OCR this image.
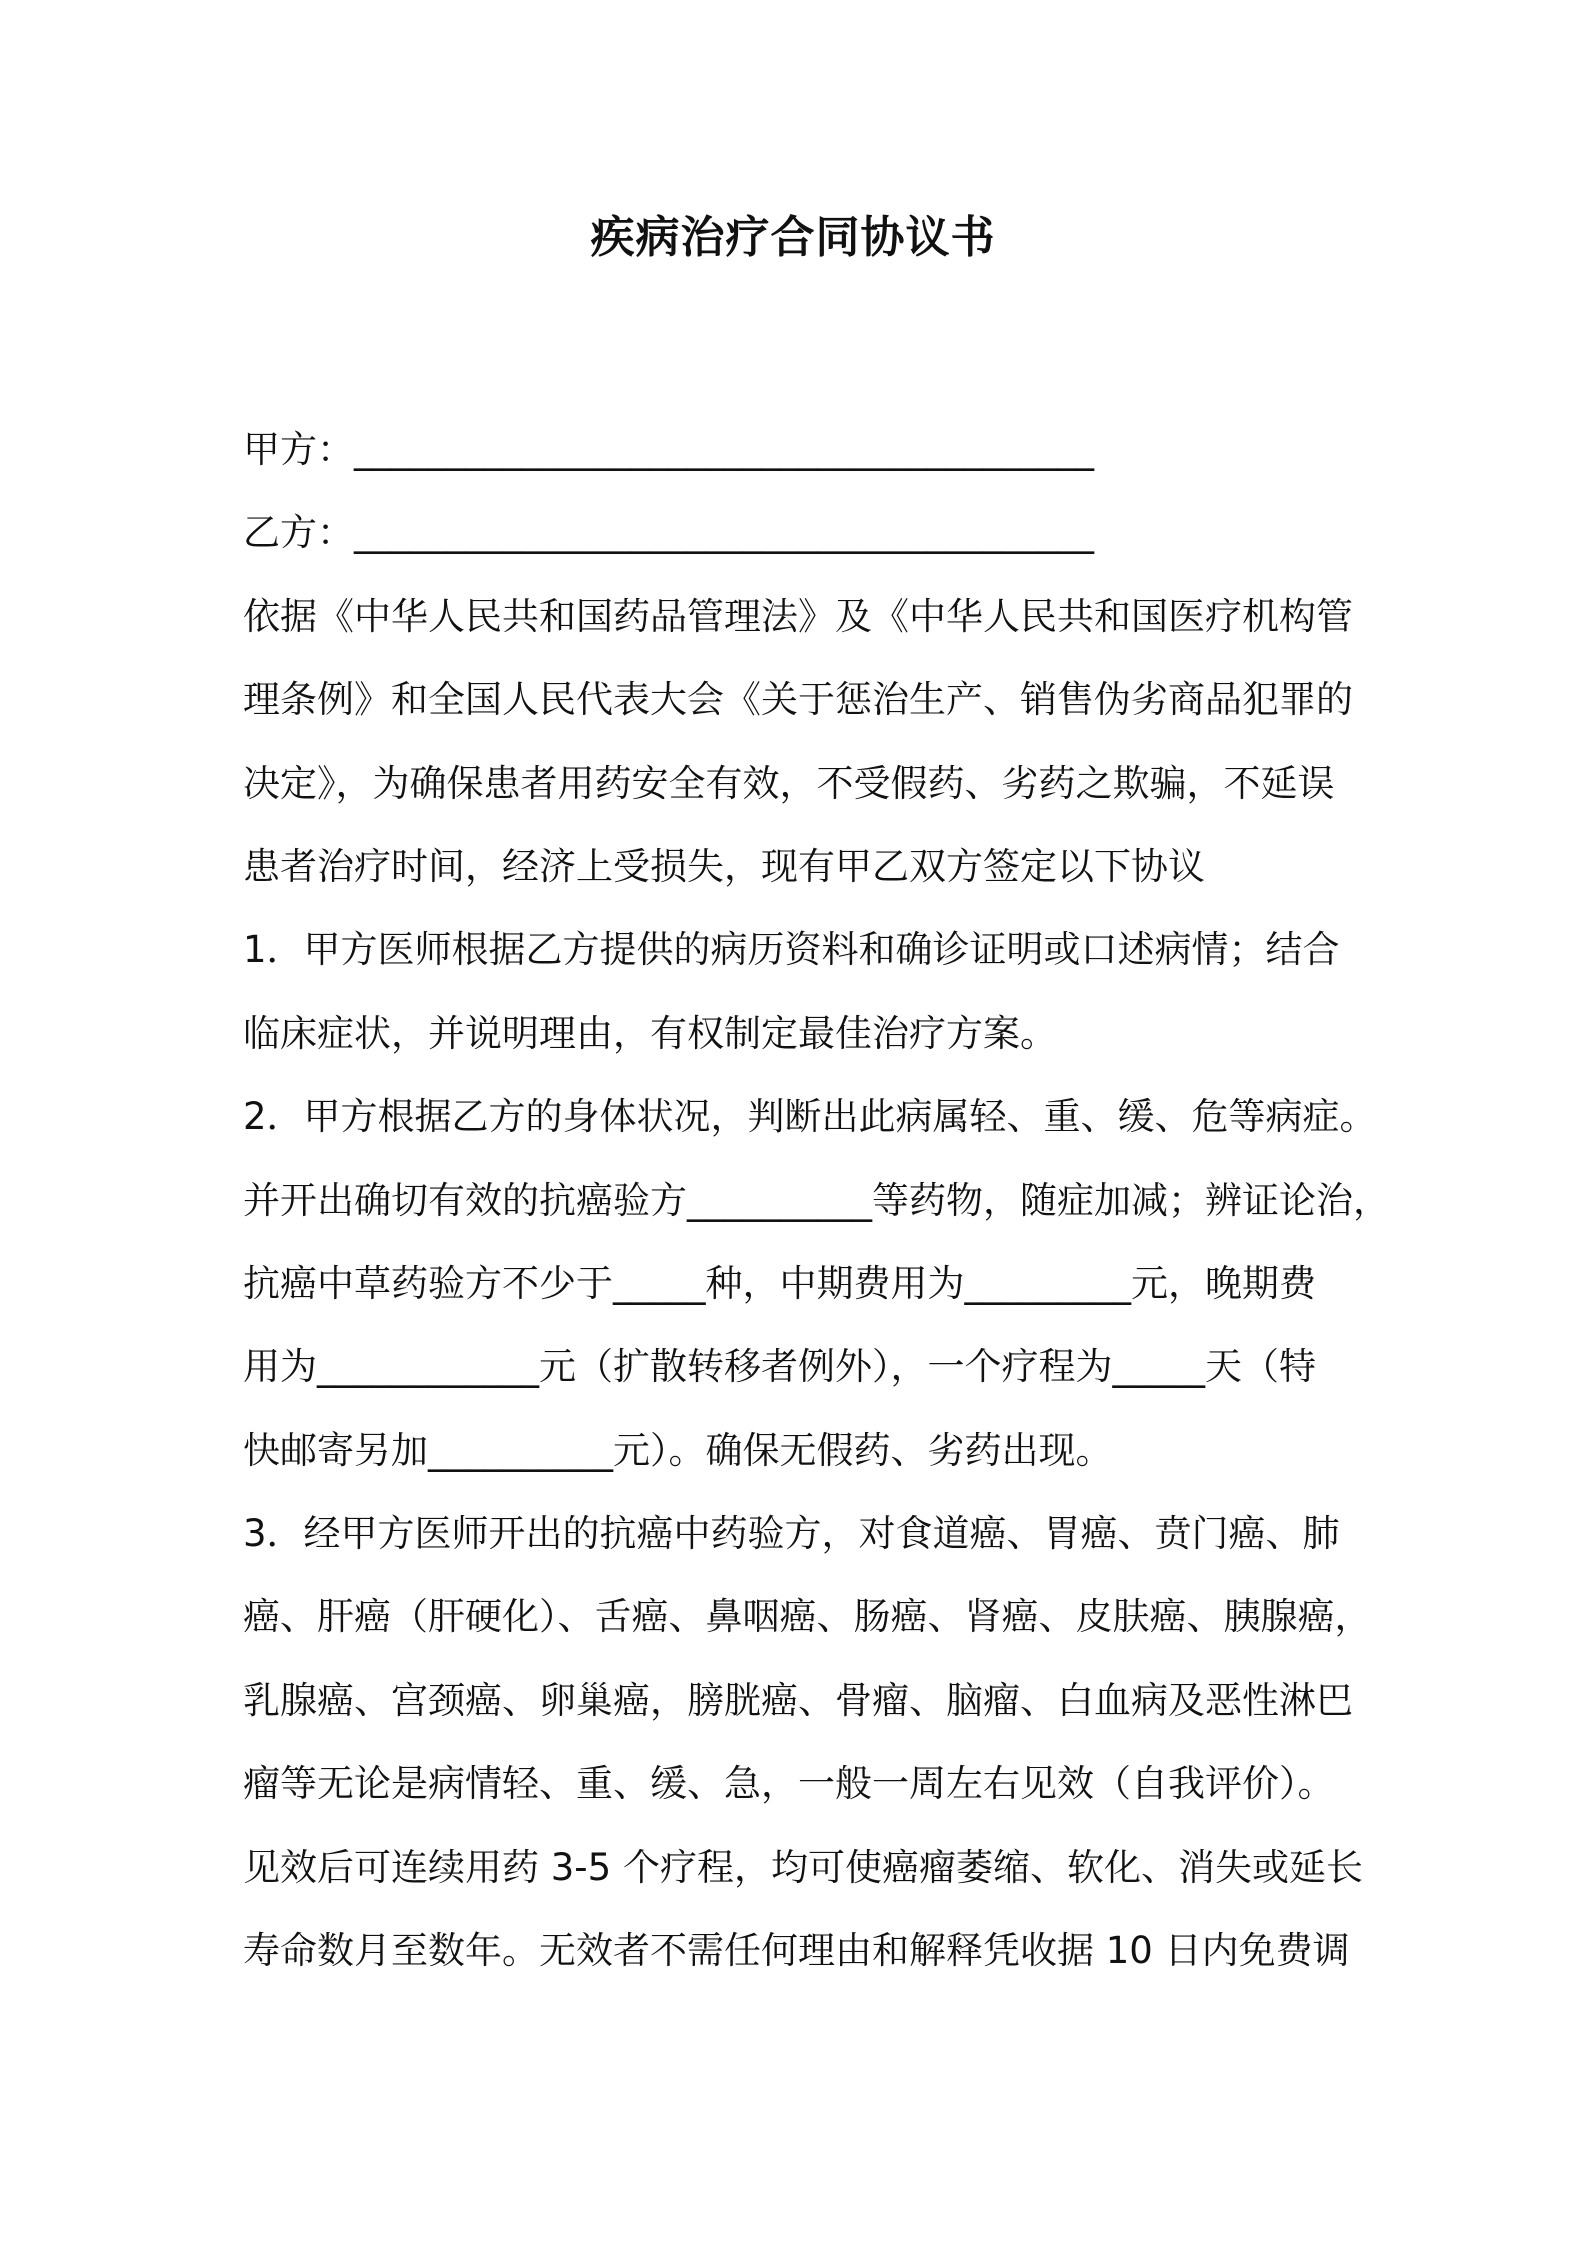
疾病治疗合同协议书
甲方：________________________________________
乙方：________________________________________
依据《中华人民共和国药品管理法》及《中华人民共和国医疗机构管
理条例》和全国人民代表大会《关于惩治生产、销售伪劣商品犯罪的
决定》，为确保患者用药安全有效，不受假药、劣药之欺骗，不延误
患者治疗时间，经济上受损失，现有甲乙双方签定以下协议
1．甲方医师根据乙方提供的病历资料和确诊证明或口述病情；结合
临床症状，并说明理由，有权制定最佳治疗方案。
2．甲方根据乙方的身体状况，判断出此病属轻、重、缓、危等病症。
并开出确切有效的抗癌验方__________等药物，随症加减；辨证论治，
抗癌中草药验方不少于_____种，中期费用为_________元，晚期费
用为____________元（扩散转移者例外），一个疗程为_____天（特
快邮寄另加__________元）。确保无假药、劣药出现。
3．经甲方医师开出的抗癌中药验方，对食道癌、胃癌、贲门癌、肺
癌、肝癌（肝硬化）、舌癌、鼻咽癌、肠癌、肾癌、皮肤癌、胰腺癌，
乳腺癌、宫颈癌、卵巢癌，膀胱癌、骨瘤、脑瘤、白血病及恶性淋巴
瘤等无论是病情轻、重、缓、急，一般一周左右见效（自我评价）。
见效后可连续用药 3-5 个疗程，均可使癌瘤萎缩、软化、消失或延长
寿命数月至数年。无效者不需任何理由和解释凭收据 10 日内免费调
